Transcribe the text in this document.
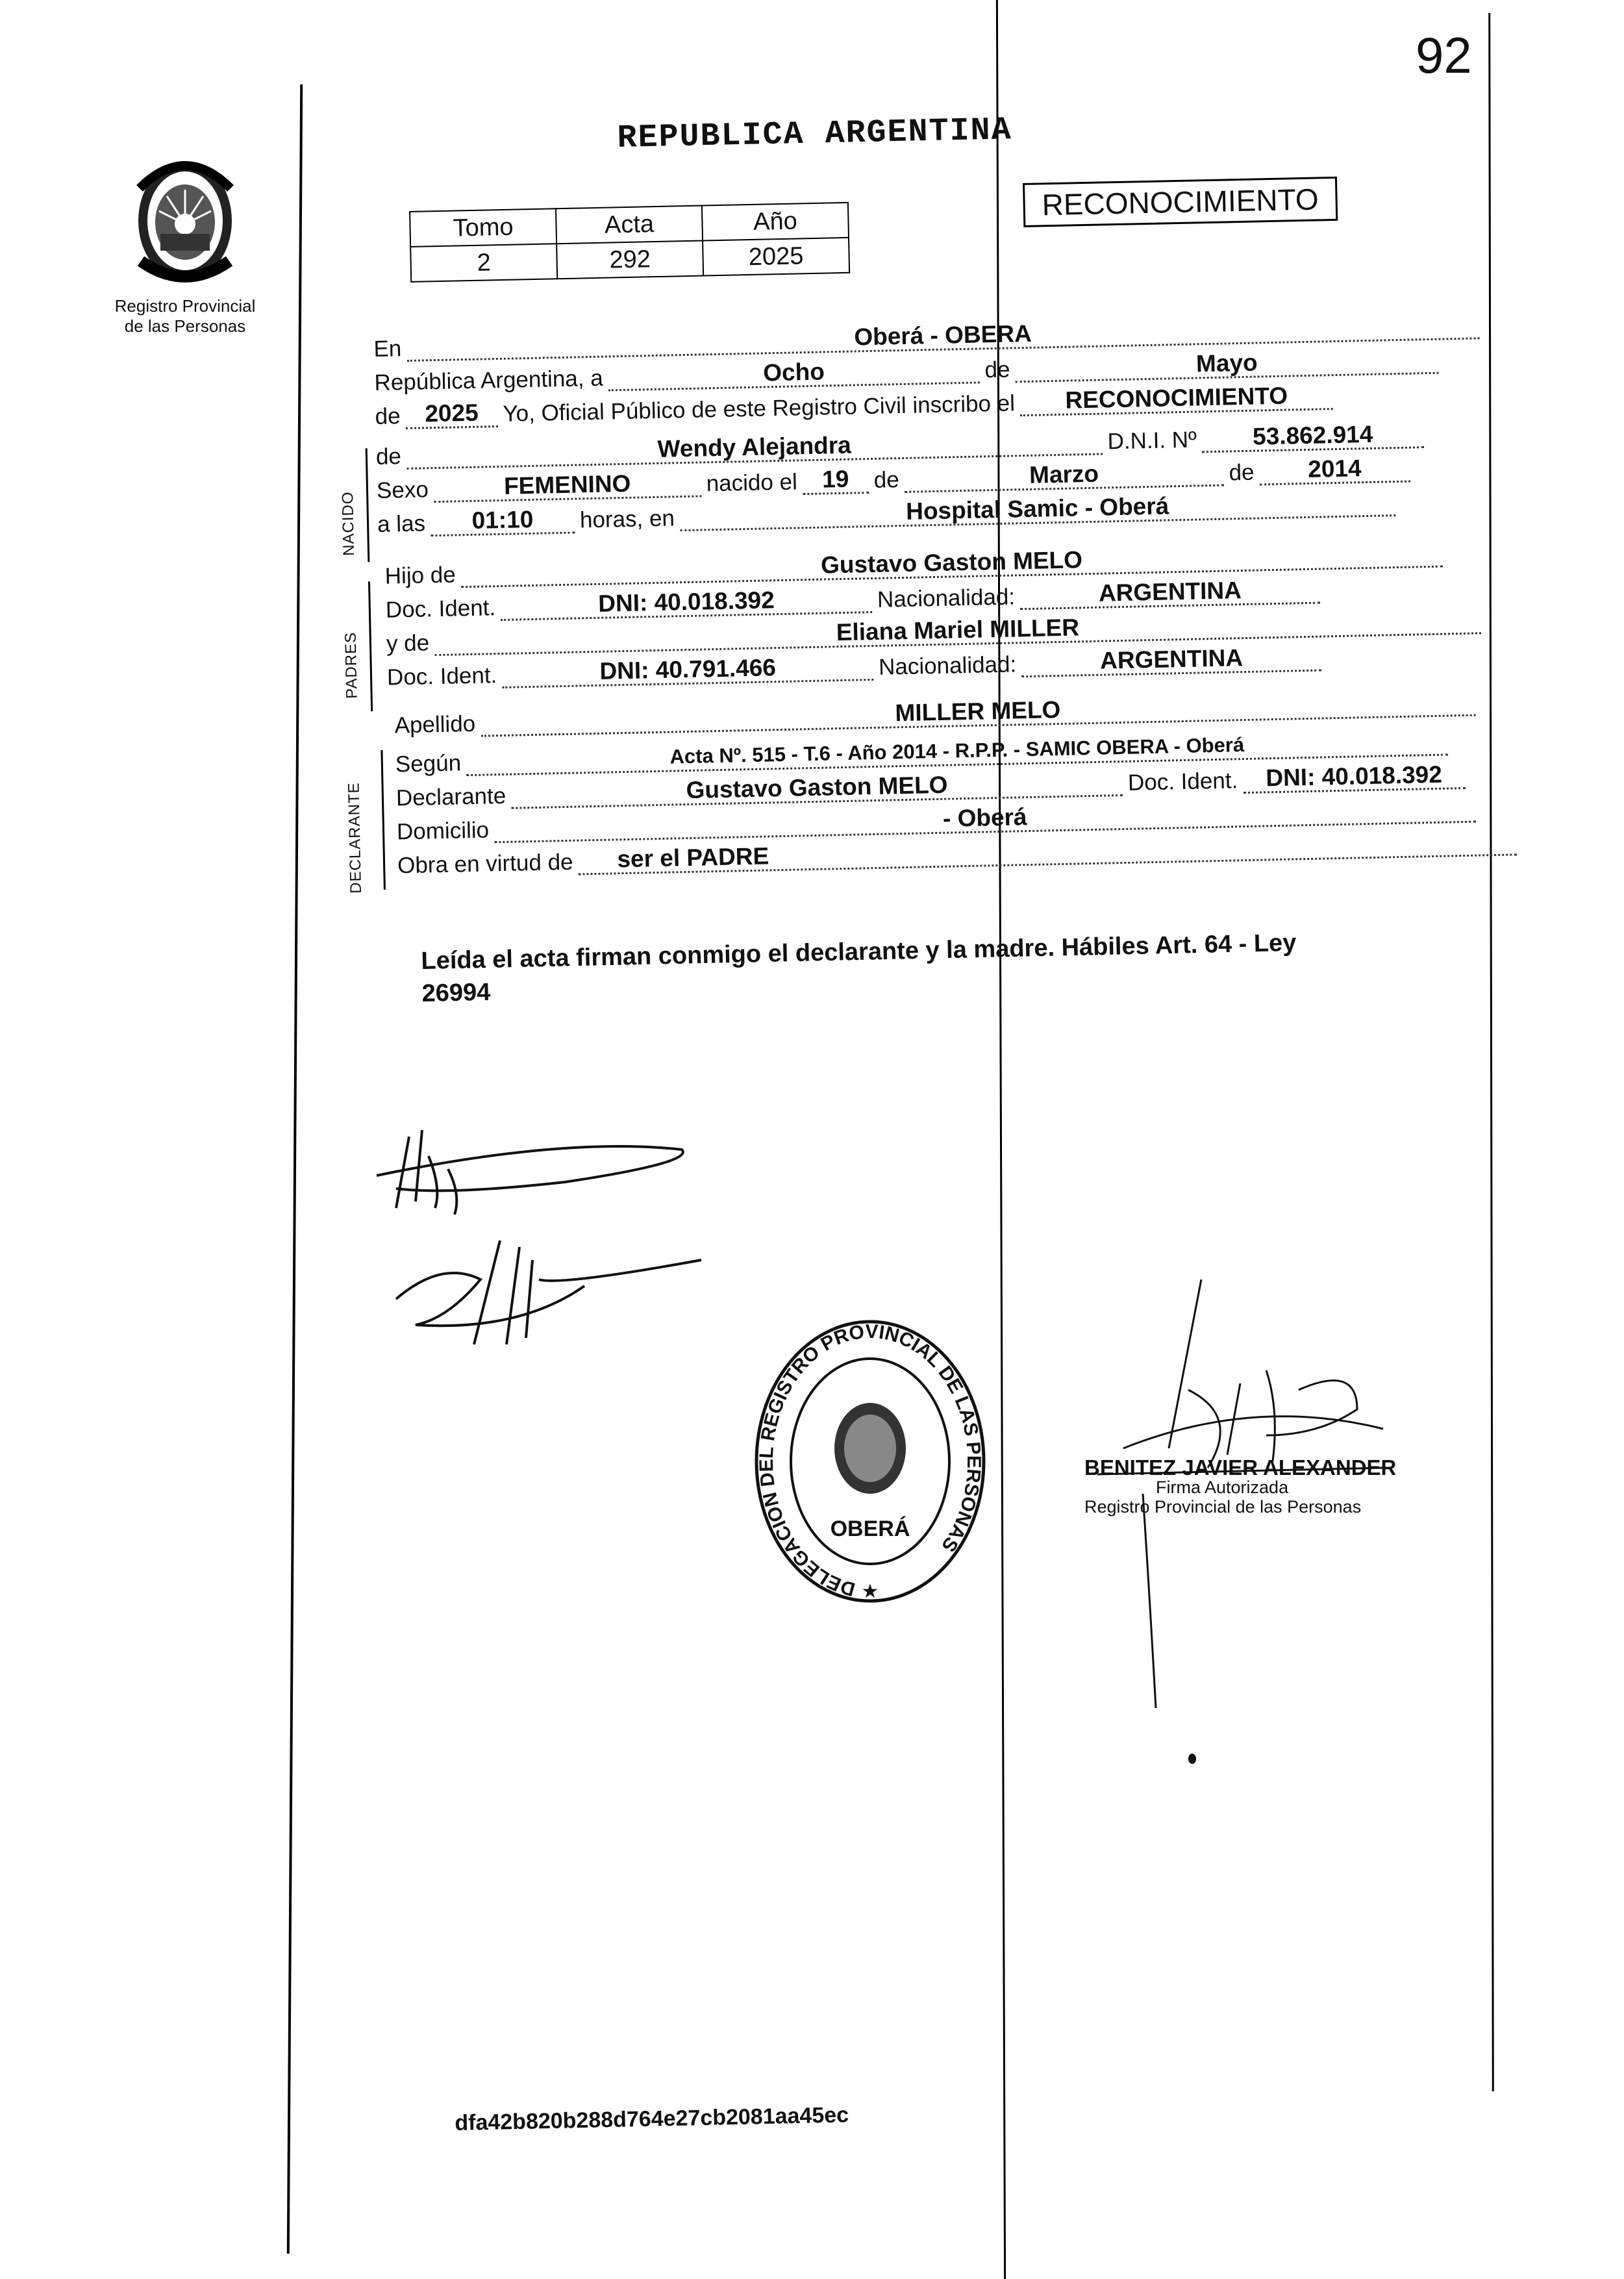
92
Registro Provincial
de las Personas
REPUBLICA ARGENTINA
Tomo	Acta	Año
2	292	2025
RECONOCIMIENTO
En	Oberá - OBERA
República Argentina, a	Ocho	de	Mayo
de 2025	Yo, Oficial Público de este Registro Civil inscribo el	RECONOCIMIENTO
NACIDO
de	Wendy Alejandra	D.N.I. Nº	53.862.914
Sexo	FEMENINO	nacido el	19	de	Marzo	de	2014
a las	01:10	horas, en	Hospital Samic - Oberá
PADRES
Hijo de	Gustavo Gaston MELO
Doc. Ident.	DNI: 40.018.392	Nacionalidad:	ARGENTINA
y de	Eliana Mariel MILLER
Doc. Ident.	DNI: 40.791.466	Nacionalidad:	ARGENTINA
Apellido	MILLER MELO
DECLARANTE
Según	Acta Nº. 515 - T.6 - Año 2014 - R.P.P. - SAMIC OBERA - Oberá
Declarante	Gustavo Gaston MELO	Doc. Ident.	DNI: 40.018.392
Domicilio	- Oberá
Obra en virtud de	ser el PADRE
Leída el acta firman conmigo el declarante y la madre. Hábiles Art. 64 - Ley
26994
DELEGACION DEL REGISTRO PROVINCIAL DE LAS PERSONAS
OBERÁ
★
BENITEZ JAVIER ALEXANDER
Firma Autorizada
Registro Provincial de las Personas
dfa42b820b288d764e27cb2081aa45ec
